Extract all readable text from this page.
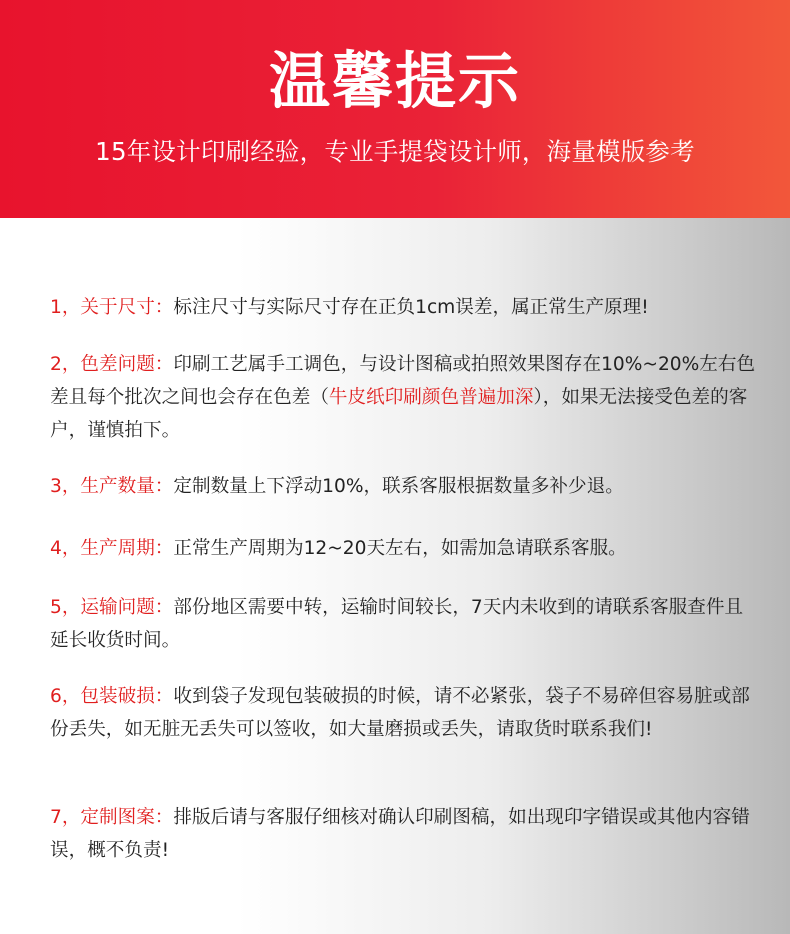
温馨提示
15年设计印刷经验，专业手提袋设计师，海量模版参考
1，关于尺寸：标注尺寸与实际尺寸存在正负1cm误差，属正常生产原理!
2，色差问题：印刷工艺属手工调色，与设计图稿或拍照效果图存在10%~20%左右色差且每个批次之间也会存在色差（牛皮纸印刷颜色普遍加深），如果无法接受色差的客户，谨慎拍下。
3，生产数量：定制数量上下浮动10%，联系客服根据数量多补少退。
4，生产周期：正常生产周期为12~20天左右，如需加急请联系客服。
5，运输问题：部份地区需要中转，运输时间较长，7天内未收到的请联系客服查件且延长收货时间。
6，包装破损：收到袋子发现包装破损的时候，请不必紧张，袋子不易碎但容易脏或部份丢失，如无脏无丢失可以签收，如大量磨损或丢失，请取货时联系我们!
7，定制图案：排版后请与客服仔细核对确认印刷图稿，如出现印字错误或其他内容错误，概不负责!
